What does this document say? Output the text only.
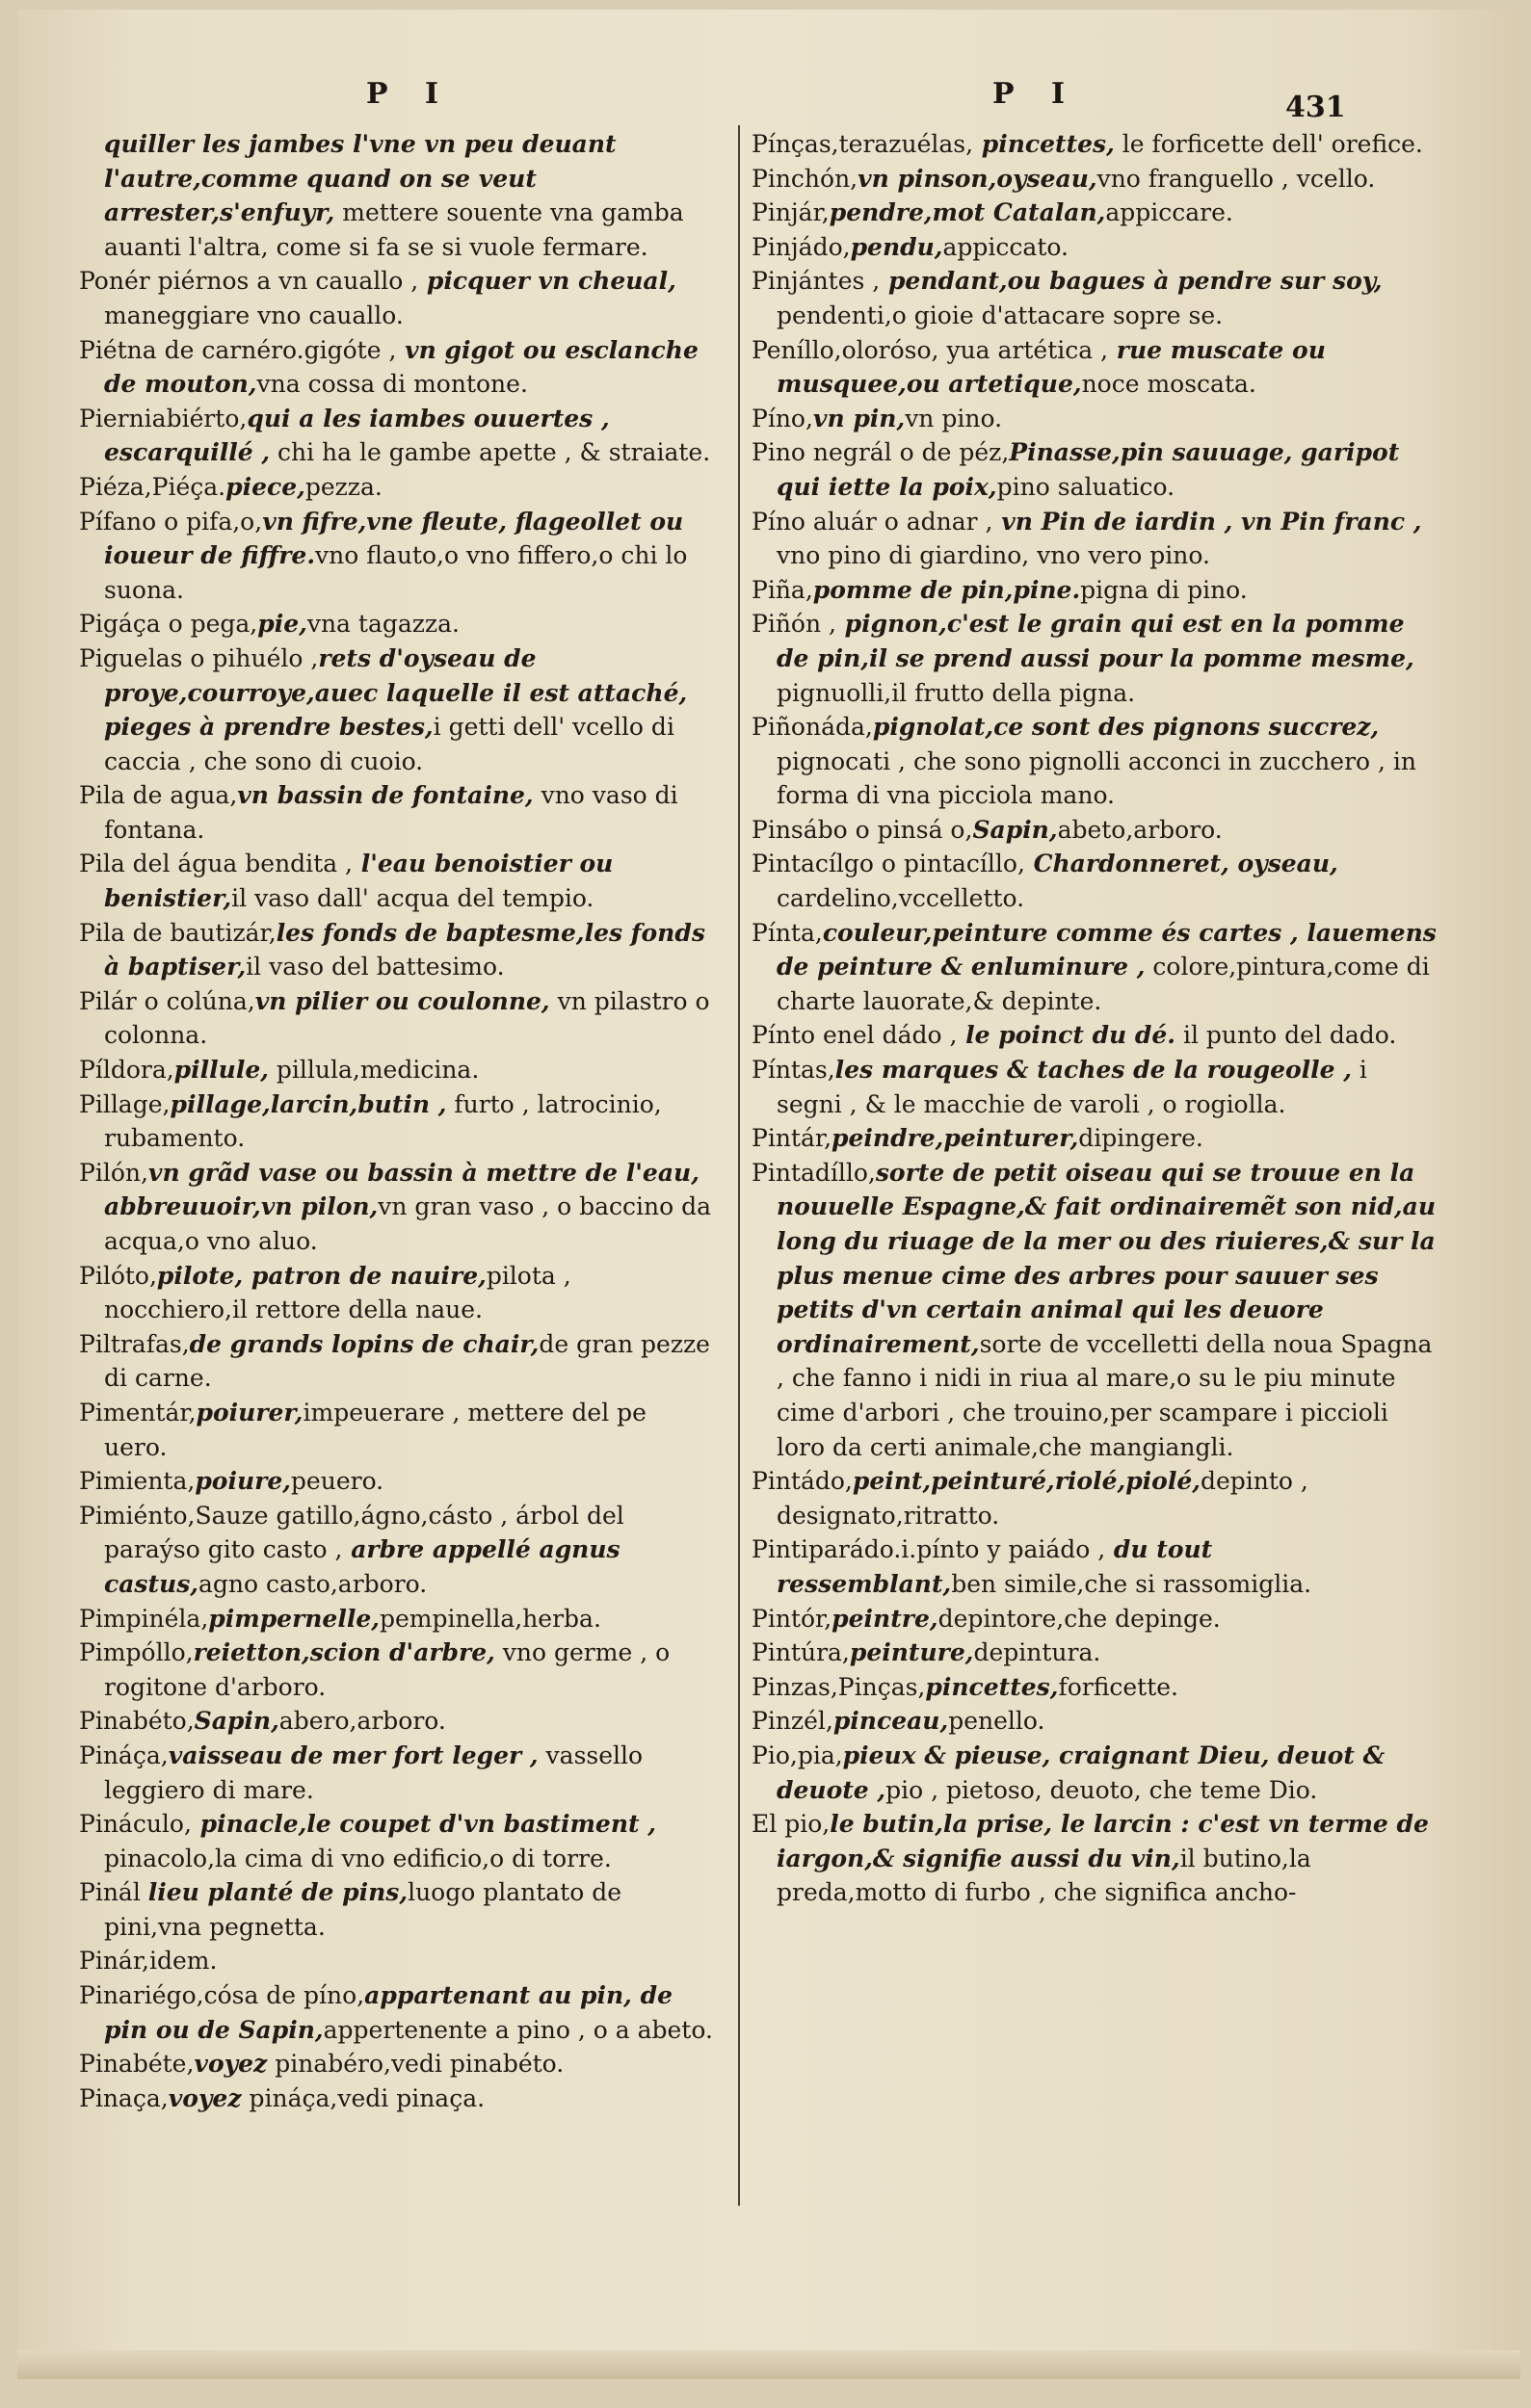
P I	P I	431
quiller les jambes l'vne vn peu deuant l'autre,comme quand on se veut arrester,s'enfuyr, mettere souente vna gamba auanti l'altra, come si fa se si vuole fermare.
Ponér piérnos a vn cauallo , picquer vn cheual, maneggiare vno cauallo.
Piétna de carnéro.gigóte , vn gigot ou esclanche de mouton,vna cossa di montone.
Pierniabiérto,qui a les iambes ouuertes , escarquillé , chi ha le gambe apette , & straiate.
Piéza,Piéça.piece,pezza.
Pífano o pifa,o,vn fifre,vne fleute, flageollet ou ioueur de fiffre.vno flauto,o vno fiffero,o chi lo suona.
Pigáça o pega,pie,vna tagazza.
Piguelas o pihuélo ,rets d'oyseau de proye,courroye,auec laquelle il est attaché, pieges à prendre bestes,i getti dell' vcello di caccia , che sono di cuoio.
Pila de agua,vn bassin de fontaine, vno vaso di fontana.
Pila del água bendita , l'eau benoistier ou benistier,il vaso dall' acqua del tempio.
Pila de bautizár,les fonds de baptesme,les fonds à baptiser,il vaso del battesimo.
Pilár o colúna,vn pilier ou coulonne, vn pilastro o colonna.
Píldora,pillule, pillula,medicina.
Pillage,pillage,larcin,butin , furto , latrocinio, rubamento.
Pilón,vn grãd vase ou bassin à mettre de l'eau, abbreuuoir,vn pilon,vn gran vaso , o baccino da acqua,o vno aluo.
Pilóto,pilote, patron de nauire,pilota , nocchiero,il rettore della naue.
Piltrafas,de grands lopins de chair,de gran pezze di carne.
Pimentár,poiurer,impeuerare , mettere del pe uero.
Pimienta,poiure,peuero.
Pimiénto,Sauze gatillo,ágno,cásto , árbol del paraýso gito casto , arbre appellé agnus castus,agno casto,arboro.
Pimpinéla,pimpernelle,pempinella,herba.
Pimpóllo,reietton,scion d'arbre, vno germe , o rogitone d'arboro.
Pinabéto,Sapin,abero,arboro.
Pináça,vaisseau de mer fort leger , vassello leggiero di mare.
Pináculo, pinacle,le coupet d'vn bastiment , pinacolo,la cima di vno edificio,o di torre.
Pinál lieu planté de pins,luogo plantato de pini,vna pegnetta.
Pinár,idem.
Pinariégo,cósa de píno,appartenant au pin, de pin ou de Sapin,appertenente a pino , o a abeto.
Pinabéte,voyez pinabéro,vedi pinabéto.
Pinaça,voyez pináça,vedi pinaça.
Pínças,terazuélas, pincettes, le forficette dell' orefice.
Pinchón,vn pinson,oyseau,vno franguello , vcello.
Pinjár,pendre,mot Catalan,appiccare.
Pinjádo,pendu,appiccato.
Pinjántes , pendant,ou bagues à pendre sur soy, pendenti,o gioie d'attacare sopre se.
Peníllo,oloróso, yua artética , rue muscate ou musquee,ou artetique,noce moscata.
Píno,vn pin,vn pino.
Pino negrál o de péz,Pinasse,pin sauuage, garipot qui iette la poix,pino saluatico.
Píno aluár o adnar , vn Pin de iardin , vn Pin franc , vno pino di giardino, vno vero pino.
Piña,pomme de pin,pine.pigna di pino.
Piñón , pignon,c'est le grain qui est en la pomme de pin,il se prend aussi pour la pomme mesme, pignuolli,il frutto della pigna.
Piñonáda,pignolat,ce sont des pignons succrez, pignocati , che sono pignolli acconci in zucchero , in forma di vna picciola mano.
Pinsábo o pinsá o,Sapin,abeto,arboro.
Pintacílgo o pintacíllo, Chardonneret, oyseau, cardelino,vccelletto.
Pínta,couleur,peinture comme és cartes , lauemens de peinture & enluminure , colore,pintura,come di charte lauorate,& depinte.
Pínto enel dádo , le poinct du dé. il punto del dado.
Píntas,les marques & taches de la rougeolle , i segni , & le macchie de varoli , o rogiolla.
Pintár,peindre,peinturer,dipingere.
Pintadíllo,sorte de petit oiseau qui se trouue en la nouuelle Espagne,& fait ordinairemẽt son nid,au long du riuage de la mer ou des riuieres,& sur la plus menue cime des arbres pour sauuer ses petits d'vn certain animal qui les deuore ordinairement,sorte de vccelletti della noua Spagna , che fanno i nidi in riua al mare,o su le piu minute cime d'arbori , che trouino,per scampare i piccioli loro da certi animale,che mangiangli.
Pintádo,peint,peinturé,riolé,piolé,depinto , designato,ritratto.
Pintiparádo.i.pínto y paiádo , du tout ressemblant,ben simile,che si rassomiglia.
Pintór,peintre,depintore,che depinge.
Pintúra,peinture,depintura.
Pinzas,Pinças,pincettes,forficette.
Pinzél,pinceau,penello.
Pio,pia,pieux & pieuse, craignant Dieu, deuot & deuote ,pio , pietoso, deuoto, che teme Dio.
El pio,le butin,la prise, le larcin : c'est vn terme de iargon,& signifie aussi du vin,il butino,la preda,motto di furbo , che significa ancho-
